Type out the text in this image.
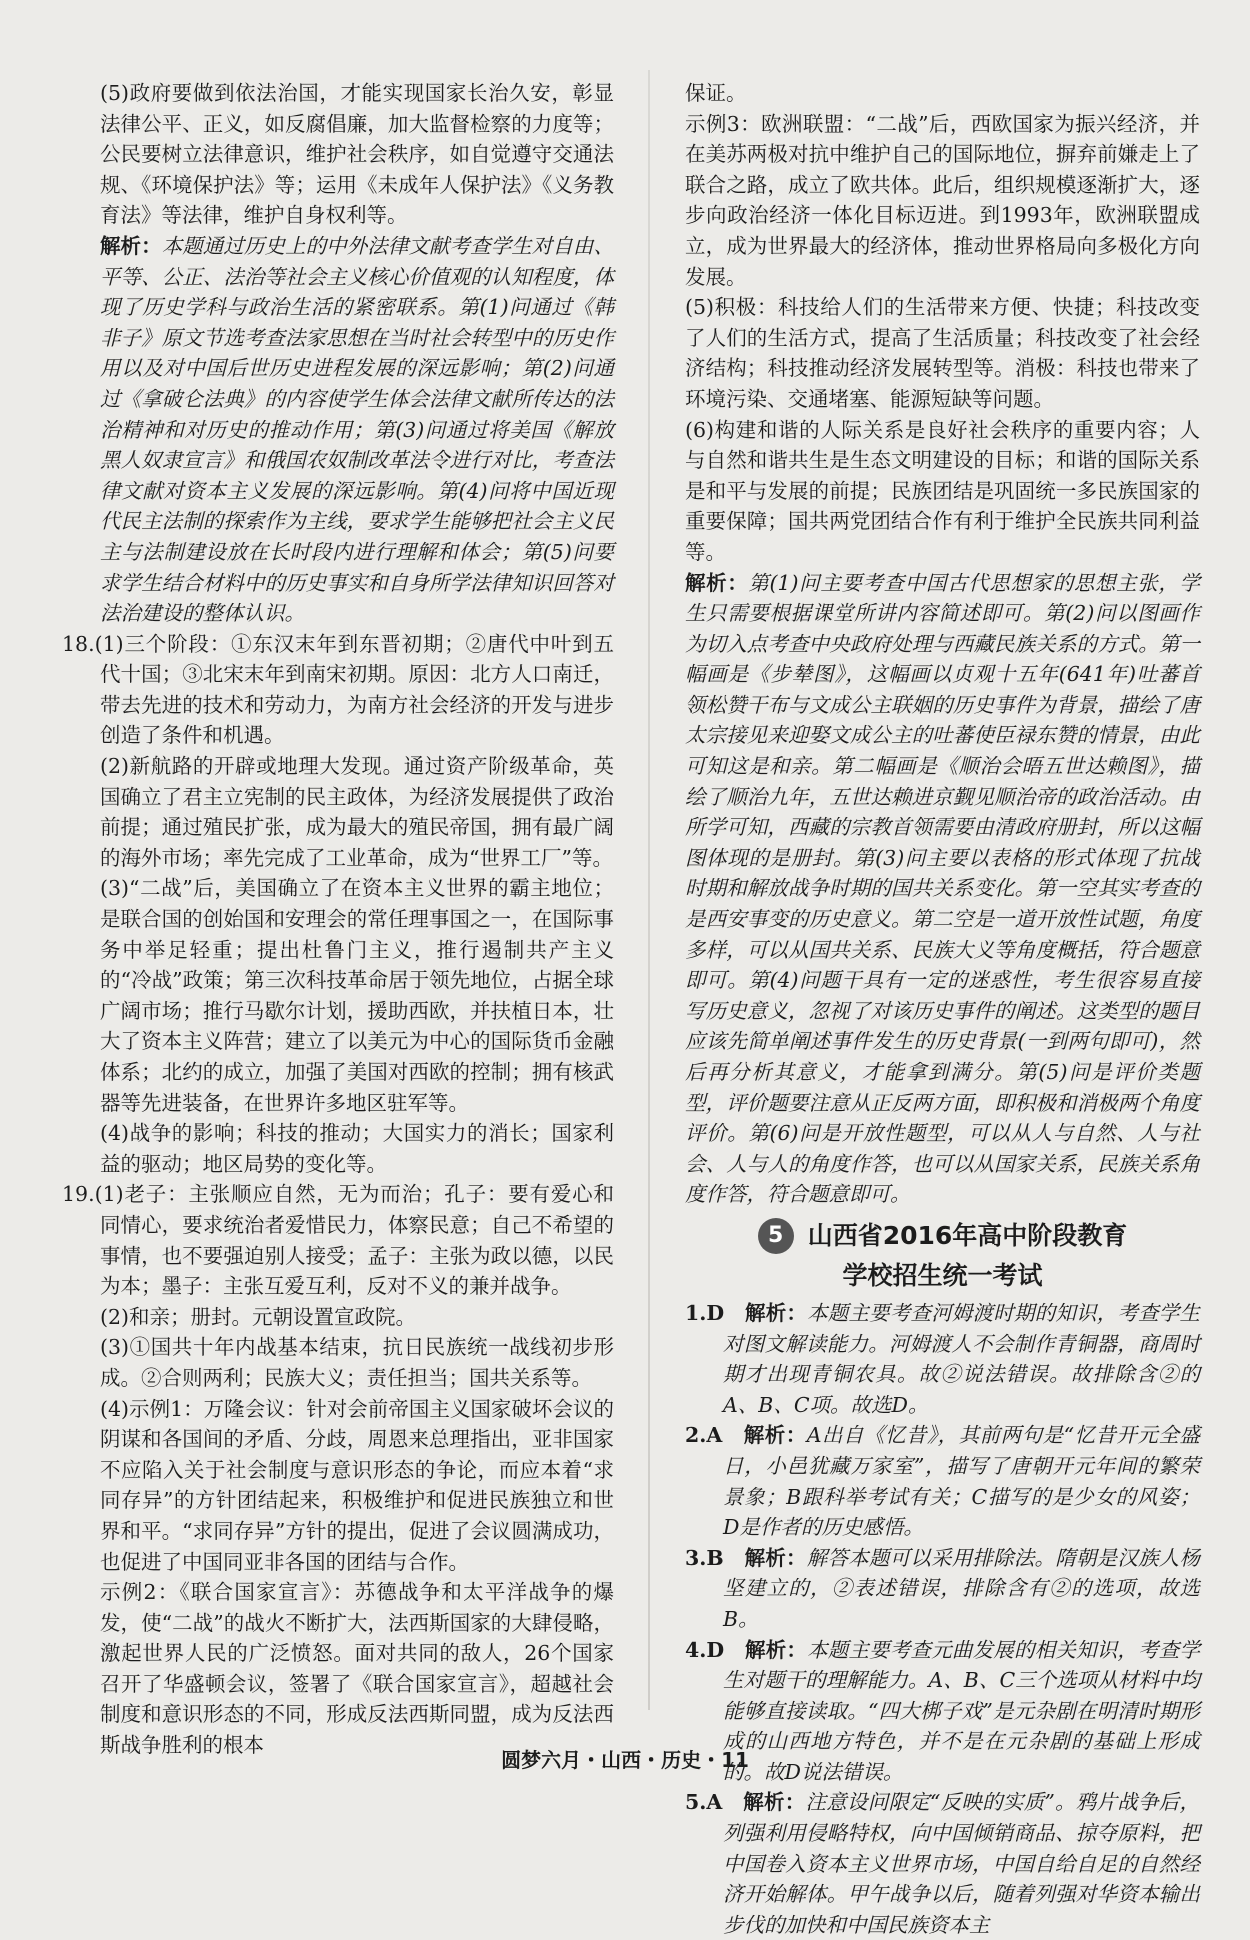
(5)政府要做到依法治国，才能实现国家长治久安，彰显法律公平、正义，如反腐倡廉，加大监督检察的力度等；公民要树立法律意识，维护社会秩序，如自觉遵守交通法规、《环境保护法》等；运用《未成年人保护法》《义务教育法》等法律，维护自身权利等。

解析：本题通过历史上的中外法律文献考查学生对自由、平等、公正、法治等社会主义核心价值观的认知程度，体现了历史学科与政治生活的紧密联系。第(1)问通过《韩非子》原文节选考查法家思想在当时社会转型中的历史作用以及对中国后世历史进程发展的深远影响；第(2)问通过《拿破仑法典》的内容使学生体会法律文献所传达的法治精神和对历史的推动作用；第(3)问通过将美国《解放黑人奴隶宣言》和俄国农奴制改革法令进行对比，考查法律文献对资本主义发展的深远影响。第(4)问将中国近现代民主法制的探索作为主线，要求学生能够把社会主义民主与法制建设放在长时段内进行理解和体会；第(5)问要求学生结合材料中的历史事实和自身所学法律知识回答对法治建设的整体认识。

18.(1)三个阶段：①东汉末年到东晋初期；②唐代中叶到五代十国；③北宋末年到南宋初期。原因：北方人口南迁，带去先进的技术和劳动力，为南方社会经济的开发与进步创造了条件和机遇。

(2)新航路的开辟或地理大发现。通过资产阶级革命，英国确立了君主立宪制的民主政体，为经济发展提供了政治前提；通过殖民扩张，成为最大的殖民帝国，拥有最广阔的海外市场；率先完成了工业革命，成为“世界工厂”等。

(3)“二战”后，美国确立了在资本主义世界的霸主地位；是联合国的创始国和安理会的常任理事国之一，在国际事务中举足轻重；提出杜鲁门主义，推行遏制共产主义的“冷战”政策；第三次科技革命居于领先地位，占据全球广阔市场；推行马歇尔计划，援助西欧，并扶植日本，壮大了资本主义阵营；建立了以美元为中心的国际货币金融体系；北约的成立，加强了美国对西欧的控制；拥有核武器等先进装备，在世界许多地区驻军等。

(4)战争的影响；科技的推动；大国实力的消长；国家利益的驱动；地区局势的变化等。

19.(1)老子：主张顺应自然，无为而治；孔子：要有爱心和同情心，要求统治者爱惜民力，体察民意；自己不希望的事情，也不要强迫别人接受；孟子：主张为政以德，以民为本；墨子：主张互爱互利，反对不义的兼并战争。

(2)和亲；册封。元朝设置宣政院。

(3)①国共十年内战基本结束，抗日民族统一战线初步形成。②合则两利；民族大义；责任担当；国共关系等。

(4)示例1：万隆会议：针对会前帝国主义国家破坏会议的阴谋和各国间的矛盾、分歧，周恩来总理指出，亚非国家不应陷入关于社会制度与意识形态的争论，而应本着“求同存异”的方针团结起来，积极维护和促进民族独立和世界和平。“求同存异”方针的提出，促进了会议圆满成功，也促进了中国同亚非各国的团结与合作。

示例2：《联合国家宣言》：苏德战争和太平洋战争的爆发，使“二战”的战火不断扩大，法西斯国家的大肆侵略，激起世界人民的广泛愤怒。面对共同的敌人，26个国家召开了华盛顿会议，签署了《联合国家宣言》，超越社会制度和意识形态的不同，形成反法西斯同盟，成为反法西斯战争胜利的根本

保证。

示例3：欧洲联盟：“二战”后，西欧国家为振兴经济，并在美苏两极对抗中维护自己的国际地位，摒弃前嫌走上了联合之路，成立了欧共体。此后，组织规模逐渐扩大，逐步向政治经济一体化目标迈进。到1993年，欧洲联盟成立，成为世界最大的经济体，推动世界格局向多极化方向发展。

(5)积极：科技给人们的生活带来方便、快捷；科技改变了人们的生活方式，提高了生活质量；科技改变了社会经济结构；科技推动经济发展转型等。消极：科技也带来了环境污染、交通堵塞、能源短缺等问题。

(6)构建和谐的人际关系是良好社会秩序的重要内容；人与自然和谐共生是生态文明建设的目标；和谐的国际关系是和平与发展的前提；民族团结是巩固统一多民族国家的重要保障；国共两党团结合作有利于维护全民族共同利益等。

解析：第(1)问主要考查中国古代思想家的思想主张，学生只需要根据课堂所讲内容简述即可。第(2)问以图画作为切入点考查中央政府处理与西藏民族关系的方式。第一幅画是《步辇图》，这幅画以贞观十五年(641年)吐蕃首领松赞干布与文成公主联姻的历史事件为背景，描绘了唐太宗接见来迎娶文成公主的吐蕃使臣禄东赞的情景，由此可知这是和亲。第二幅画是《顺治会晤五世达赖图》，描绘了顺治九年，五世达赖进京觐见顺治帝的政治活动。由所学可知，西藏的宗教首领需要由清政府册封，所以这幅图体现的是册封。第(3)问主要以表格的形式体现了抗战时期和解放战争时期的国共关系变化。第一空其实考查的是西安事变的历史意义。第二空是一道开放性试题，角度多样，可以从国共关系、民族大义等角度概括，符合题意即可。第(4)问题干具有一定的迷惑性，考生很容易直接写历史意义，忽视了对该历史事件的阐述。这类型的题目应该先简单阐述事件发生的历史背景(一到两句即可)，然后再分析其意义，才能拿到满分。第(5)问是评价类题型，评价题要注意从正反两方面，即积极和消极两个角度评价。第(6)问是开放性题型，可以从人与自然、人与社会、人与人的角度作答，也可以从国家关系，民族关系角度作答，符合题意即可。

5 山西省2016年高中阶段教育
学校招生统一考试

1.D　解析：本题主要考查河姆渡时期的知识，考查学生对图文解读能力。河姆渡人不会制作青铜器，商周时期才出现青铜农具。故②说法错误。故排除含②的A、B、C项。故选D。

2.A　解析：A出自《忆昔》，其前两句是“忆昔开元全盛日，小邑犹藏万家室”，描写了唐朝开元年间的繁荣景象；B跟科举考试有关；C描写的是少女的风姿；D是作者的历史感悟。

3.B　解析：解答本题可以采用排除法。隋朝是汉族人杨坚建立的，②表述错误，排除含有②的选项，故选B。

4.D　解析：本题主要考查元曲发展的相关知识，考查学生对题干的理解能力。A、B、C三个选项从材料中均能够直接读取。“四大梆子戏”是元杂剧在明清时期形成的山西地方特色，并不是在元杂剧的基础上形成的。故D说法错误。

5.A　解析：注意设问限定“反映的实质”。鸦片战争后，列强利用侵略特权，向中国倾销商品、掠夺原料，把中国卷入资本主义世界市场，中国自给自足的自然经济开始解体。甲午战争以后，随着列强对华资本输出步伐的加快和中国民族资本主

圆梦六月・山西・历史・11
